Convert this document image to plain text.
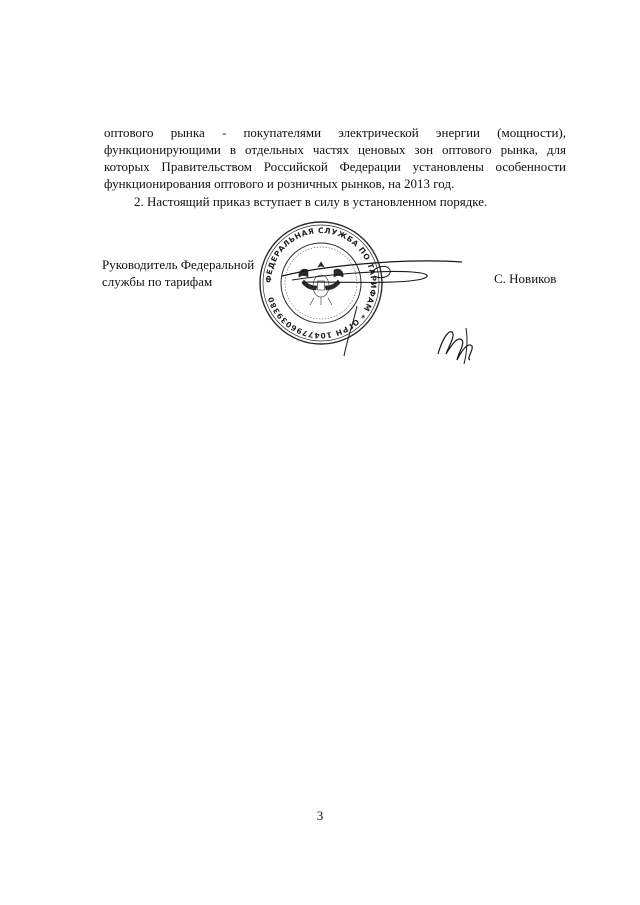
оптового рынка - покупателями электрической энергии (мощности),
функционирующими в отдельных частях ценовых зон оптового рынка, для
которых Правительством Российской Федерации установлены особенности
функционирования оптового и розничных рынков, на 2013 год.
2. Настоящий приказ вступает в силу в установленном порядке.
Руководитель Федеральной
службы по тарифам	ФЕДЕРАЛЬНАЯ СЛУЖБА ПО ТАРИФАМ * ОГРН 1047796039380
С. Новиков
3
